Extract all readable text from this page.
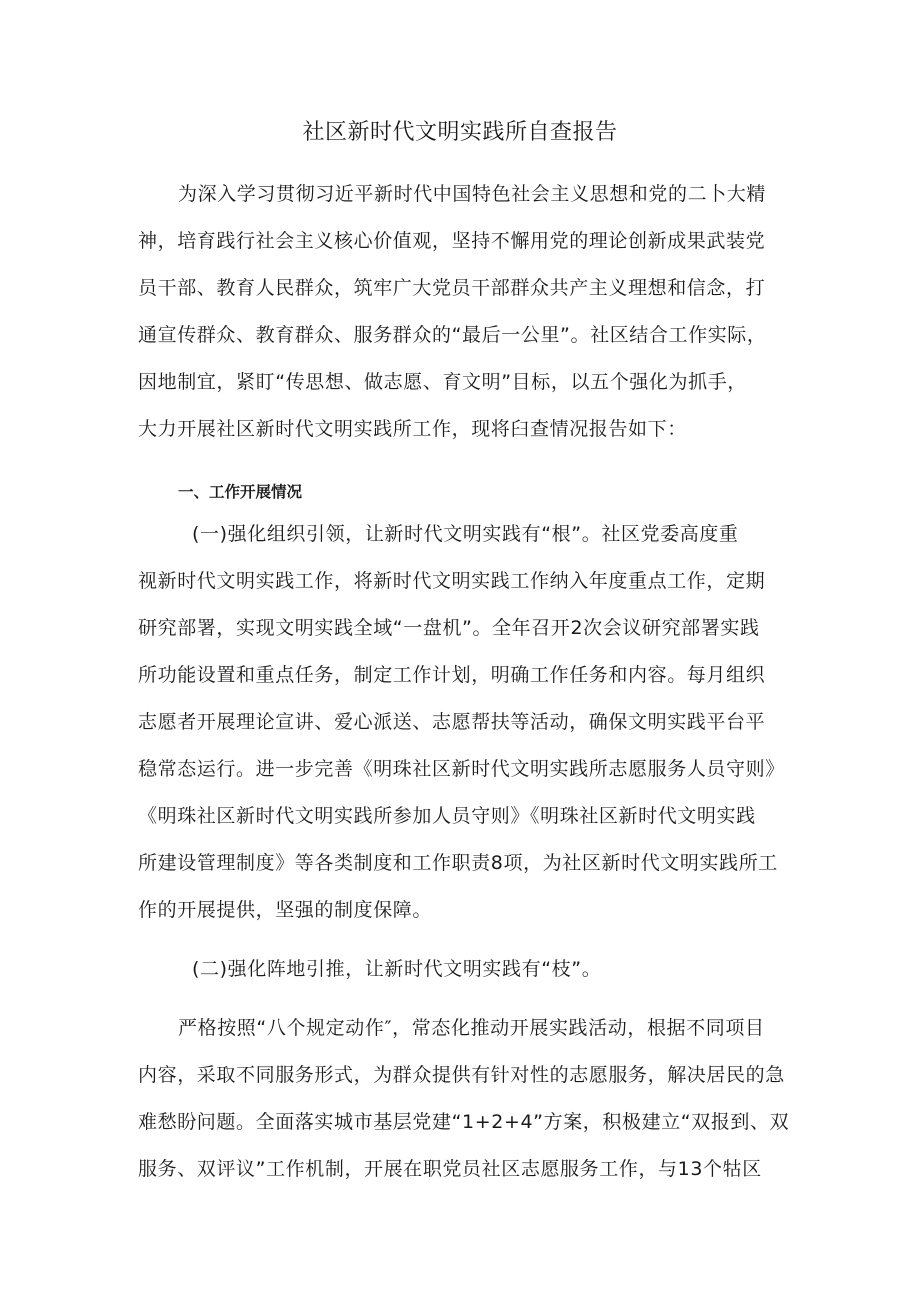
社区新时代文明实践所自查报告
为深入学习贯彻习近平新时代中国特色社会主义思想和党的二卜大精
神，培育践行社会主义核心价值观，坚持不懈用党的理论创新成果武装党
员干部、教育人民群众，筑牢广大党员干部群众共产主义理想和信念，打
通宣传群众、教育群众、服务群众的“最后一公里”。社区结合工作实际，
因地制宜，紧盯“传思想、做志愿、育文明”目标，以五个强化为抓手，
大力开展社区新时代文明实践所工作，现将臼查情况报告如下：
一、工作开展情况
(一)强化组织引领，让新时代文明实践有“根”。社区党委高度重
视新时代文明实践工作，将新时代文明实践工作纳入年度重点工作，定期
研究部署，实现文明实践全域“一盘机”。全年召开2次会议研究部署实践
所功能设置和重点任务，制定工作计划，明确工作任务和内容。每月组织
志愿者开展理论宣讲、爱心派送、志愿帮扶等活动，确保文明实践平台平
稳常态运行。进一步完善《明珠社区新时代文明实践所志愿服务人员守则》
《明珠社区新时代文明实践所参加人员守则》《明珠社区新时代文明实践
所建设管理制度》等各类制度和工作职责8项，为社区新时代文明实践所工
作的开展提供，坚强的制度保障。
(二)强化阵地引推，让新时代文明实践有“枝”。
严格按照“八个规定动作″，常态化推动开展实践活动，根据不同项目
内容，采取不同服务形式，为群众提供有针对性的志愿服务，解决居民的急
难愁盼问题。全面落实城市基层党建“1+2+4”方案，积极建立“双报到、双
服务、双评议”工作机制，开展在职党员社区志愿服务工作，与13个牯区
